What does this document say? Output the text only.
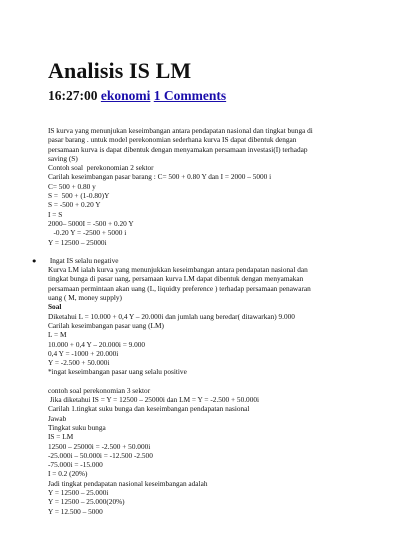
Analisis IS LM
16:27:00 ekonomi 1 Comments
IS kurva yang menunjukan keseimbangan antara pendapatan nasional dan tingkat bunga di
pasar barang . untuk model perekonomian sederhana kurva IS dapat dibentuk dengan
persamaan kurva is dapat dibentuk dengan menyamakan persamaan investasi(I) terhadap
saving (S)
Contoh soal  perekonomian 2 sektor
Carilah keseimbangan pasar barang : C= 500 + 0.80 Y dan I = 2000 – 5000 i
C= 500 + 0.80 y
S =  500 + (1-0.80)Y
S = -500 + 0.20 Y
I = S
2000– 5000I = -500 + 0.20 Y
-0.20 Y = -2500 + 5000 i
Y = 12500 – 25000i
● Ingat IS selalu negative
Kurva LM ialah kurva yang menunjukkan keseimbangan antara pendapatan nasional dan
tingkat bunga di pasar uang, persamaan kurva LM dapat dibentuk dengan menyamakan
persamaan permintaan akan uang (L, liquidty preference ) terhadap persamaan penawaran
uang ( M, money supply)
Soal
Diketahui L = 10.000 + 0,4 Y – 20.000i dan jumlah uang beredar( ditawarkan) 9.000
Carilah keseimbangan pasar uang (LM)
L = M
10.000 + 0,4 Y – 20.000i = 9.000
0,4 Y = -1000 + 20.000i
Y = -2.500 + 50.000i
*ingat keseimbangan pasar uang selalu positive
contoh soal perekonomian 3 sektor
Jika diketahui IS = Y = 12500 – 25000i dan LM = Y = -2.500 + 50.000i
Carilah 1.tingkat suku bunga dan keseimbangan pendapatan nasional
Jawab
Tingkat suku bunga
IS = LM
12500 – 25000i = -2.500 + 50.000i
-25.000i – 50.000i = -12.500 -2.500
-75.000i = -15.000
I = 0.2 (20%)
Jadi tingkat pendapatan nasional keseimbangan adalah
Y = 12500 – 25.000i
Y = 12500 – 25.000(20%)
Y = 12.500 – 5000
